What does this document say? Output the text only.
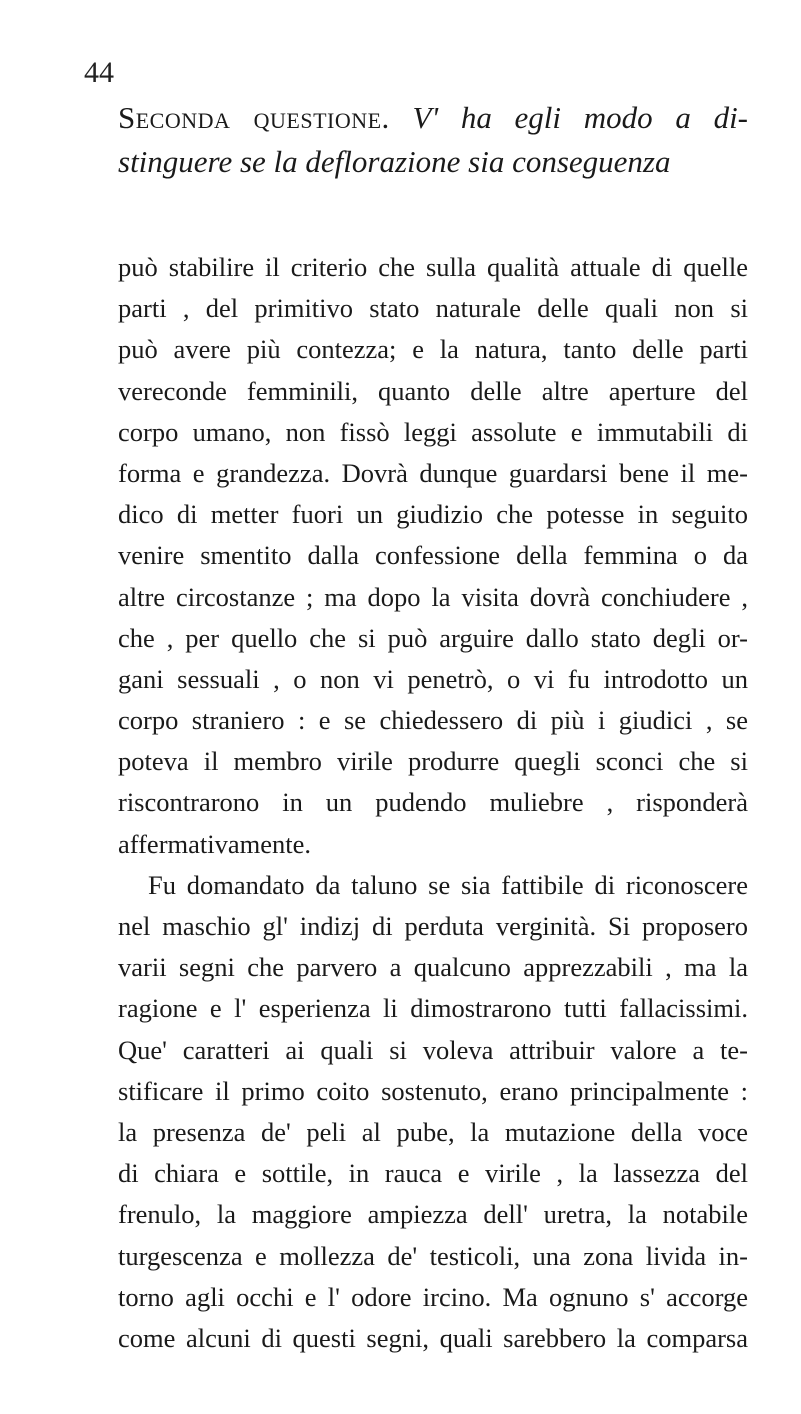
44
Seconda questione. V' ha egli modo a di-stinguere se la deflorazione sia conseguenza
può stabilire il criterio che sulla qualità attuale di quelle
parti , del primitivo stato naturale delle quali non si
può avere più contezza; e la natura, tanto delle parti
vereconde femminili, quanto delle altre aperture del
corpo umano, non fissò leggi assolute e immutabili di
forma e grandezza. Dovrà dunque guardarsi bene il me-
dico di metter fuori un giudizio che potesse in seguito
venire smentito dalla confessione della femmina o da
altre circostanze ; ma dopo la visita dovrà conchiudere ,
che , per quello che si può arguire dallo stato degli or-
gani sessuali , o non vi penetrò, o vi fu introdotto un
corpo straniero : e se chiedessero di più i giudici , se
poteva il membro virile produrre quegli sconci che si
riscontrarono in un pudendo muliebre , risponderà
affermativamente.
Fu domandato da taluno se sia fattibile di riconoscere
nel maschio gl' indizj di perduta verginità. Si proposero
varii segni che parvero a qualcuno apprezzabili , ma la
ragione e l' esperienza li dimostrarono tutti fallacissimi.
Que' caratteri ai quali si voleva attribuir valore a te-
stificare il primo coito sostenuto, erano principalmente :
la presenza de' peli al pube, la mutazione della voce
di chiara e sottile, in rauca e virile , la lassezza del
frenulo, la maggiore ampiezza dell' uretra, la notabile
turgescenza e mollezza de' testicoli, una zona livida in-
torno agli occhi e l' odore ircino. Ma ognuno s' accorge
come alcuni di questi segni, quali sarebbero la comparsa
